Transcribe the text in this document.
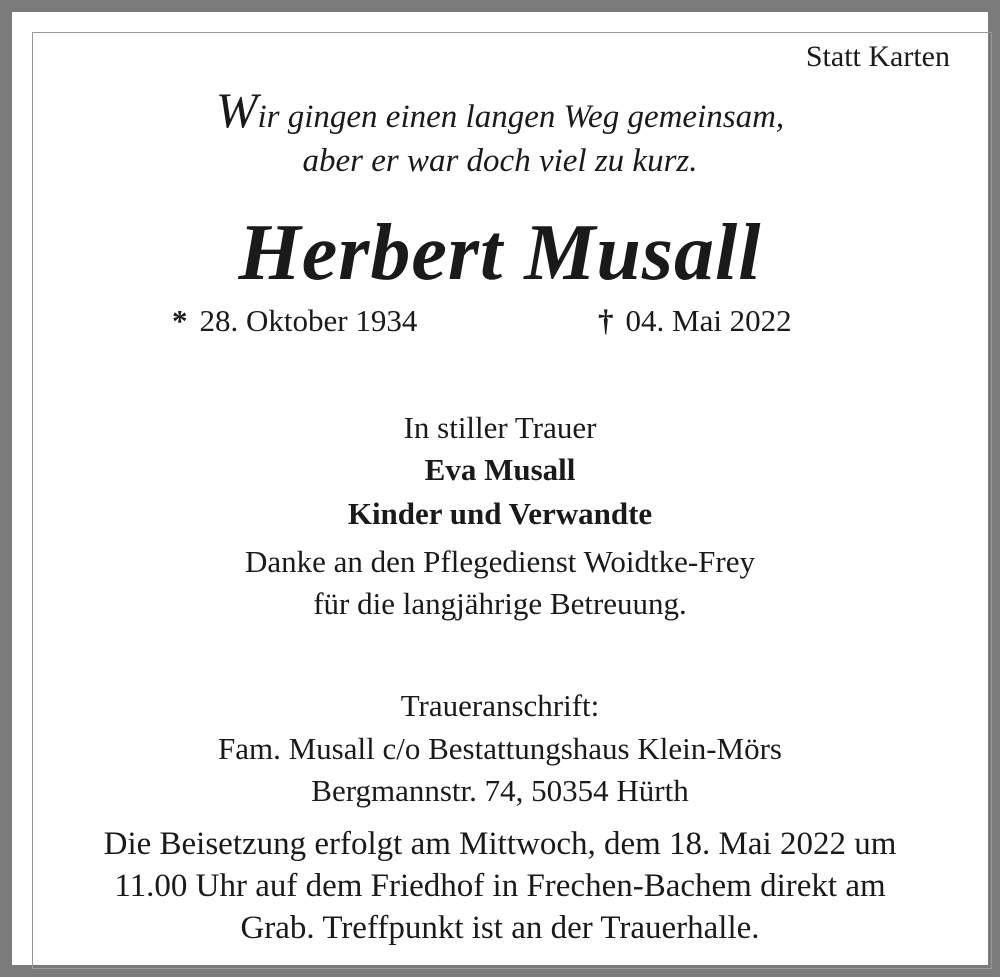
Statt Karten
Wir gingen einen langen Weg gemeinsam,
aber er war doch viel zu kurz.
Herbert Musall
* 28. Oktober 1934	† 04. Mai 2022
In stiller Trauer
Eva Musall
Kinder und Verwandte
Danke an den Pflegedienst Woidtke-Frey
für die langjährige Betreuung.
Traueranschrift:
Fam. Musall c/o Bestattungshaus Klein-Mörs
Bergmannstr. 74, 50354 Hürth
Die Beisetzung erfolgt am Mittwoch, dem 18. Mai 2022 um
11.00 Uhr auf dem Friedhof in Frechen-Bachem direkt am
Grab. Treffpunkt ist an der Trauerhalle.
